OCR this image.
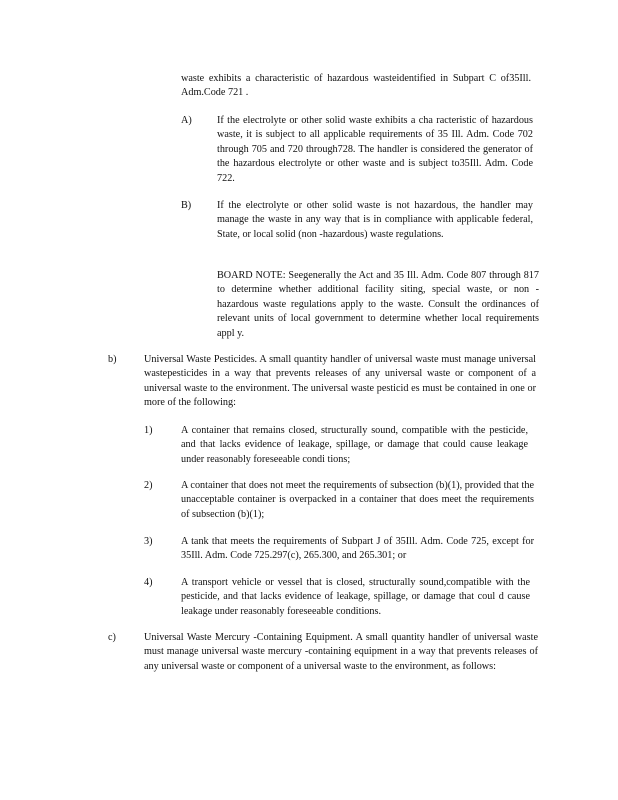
waste exhibits a characteristic of hazardous wasteidentified in Subpart C of35Ill. Adm.Code 721 .

A) If the electrolyte or other solid waste exhibits a cha racteristic of hazardous waste, it is subject to all applicable requirements of 35 Ill. Adm. Code 702 through 705 and 720 through728. The handler is considered the generator of the hazardous electrolyte or other waste and is subject to35Ill. Adm. Code 722.

B)	If the electrolyte or other solid waste is not hazardous, the handler may manage the waste in any way that is in compliance with applicable federal, State, or local solid (non -hazardous) waste regulations.

BOARD NOTE: Seegenerally the Act and 35 Ill. Adm. Code 807 through 817 to determine whether additional facility siting, special waste, or non -hazardous waste regulations apply to the waste. Consult the ordinances of relevant units of local government to determine whether local requirements appl y.

b)	Universal Waste Pesticides. A small quantity handler of universal waste must manage universal wastepesticides in a way that prevents releases of any universal waste or component of a universal waste to the environment. The universal waste pesticid es must be contained in one or more of the following:

1)	A container that remains closed, structurally sound, compatible with the pesticide, and that lacks evidence of leakage, spillage, or damage that could cause leakage under reasonably foreseeable condi tions;

2)	A container that does not meet the requirements of subsection (b)(1), provided that the unacceptable container is overpacked in a container that does meet the requirements of subsection (b)(1);

3)	A tank that meets the requirements of Subpart J of 35Ill. Adm. Code 725, except for 35Ill. Adm. Code 725.297(c), 265.300, and 265.301; or

4)	A transport vehicle or vessel that is closed, structurally sound,compatible with the pesticide, and that lacks evidence of leakage, spillage, or damage that coul d cause leakage under reasonably foreseeable conditions.

c)	Universal Waste Mercury -Containing Equipment. A small quantity handler of universal waste must manage universal waste mercury -containing equipment in a way that prevents releases of any universal waste or component of a universal waste to the environment, as follows:
